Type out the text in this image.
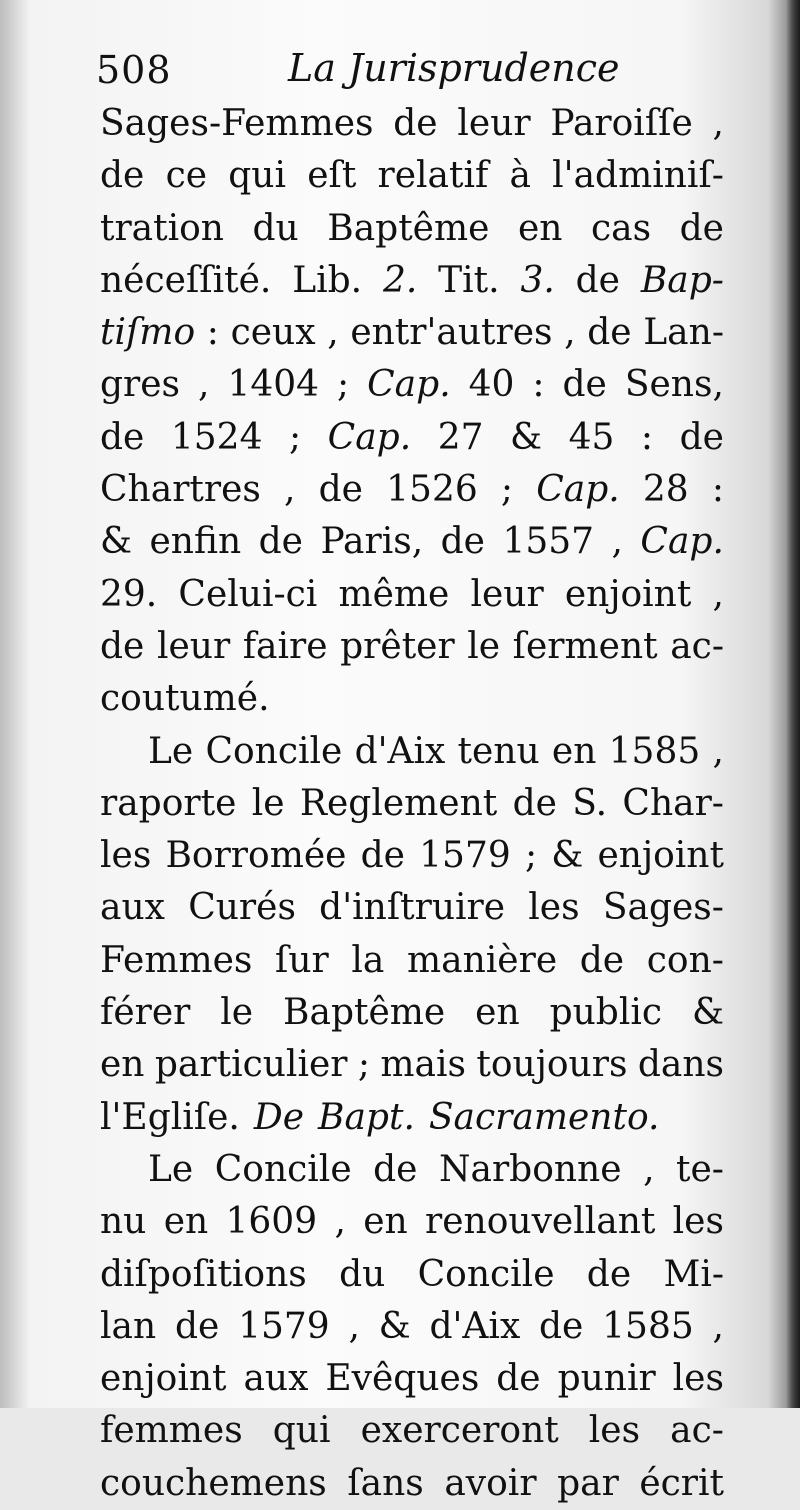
508	La Jurisprudence
Sages-Femmes de leur Paroiſſe ,
de ce qui eſt relatif à l'adminiſ-
tration du Baptême en cas de
néceſſité. Lib. 2. Tit. 3. de Bap-
tiſmo : ceux , entr'autres , de Lan-
gres , 1404 ; Cap. 40 : de Sens,
de 1524 ; Cap. 27 & 45 : de
Chartres , de 1526 ; Cap. 28 :
& enfin de Paris, de 1557 , Cap.
29. Celui-ci même leur enjoint ,
de leur faire prêter le ſerment ac-
coutumé.
Le Concile d'Aix tenu en 1585 ,
raporte le Reglement de S. Char-
les Borromée de 1579 ; & enjoint
aux Curés d'inſtruire les Sages-
Femmes ſur la manière de con-
férer le Baptême en public &
en particulier ; mais toujours dans
l'Egliſe. De Bapt. Sacramento.
Le Concile de Narbonne , te-
nu en 1609 , en renouvellant les
diſpoſitions du Concile de Mi-
lan de 1579 , & d'Aix de 1585 ,
enjoint aux Evêques de punir les
femmes qui exerceront les ac-
couchemens ſans avoir par écrit
